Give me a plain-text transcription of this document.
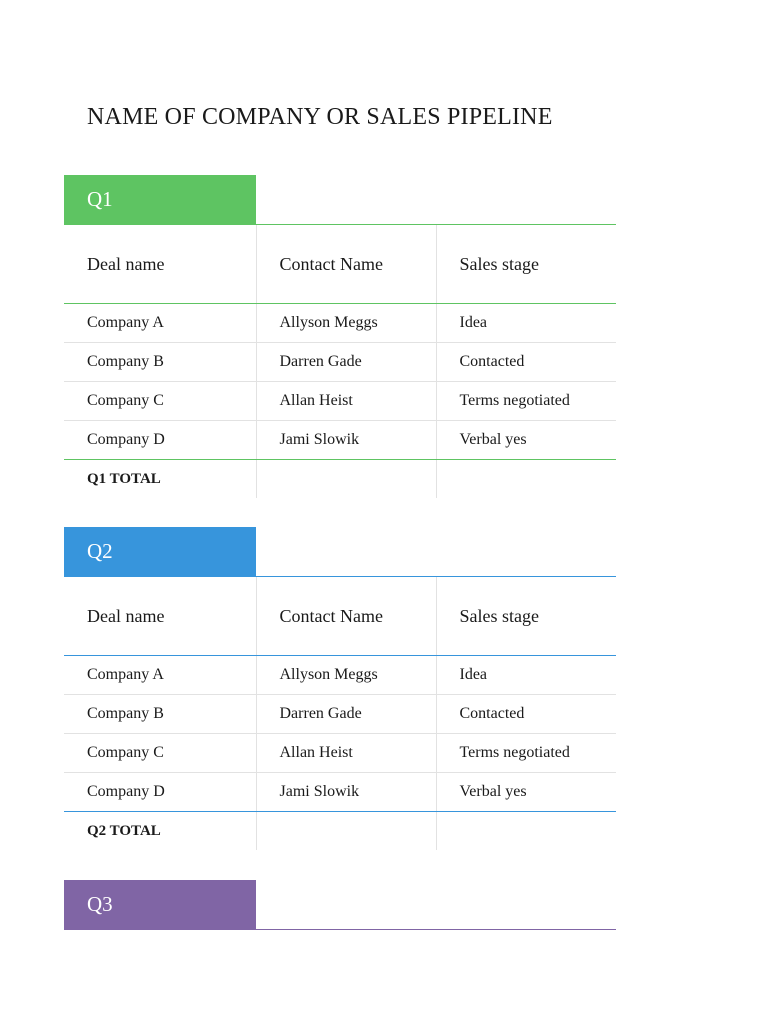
NAME OF COMPANY OR SALES PIPELINE
Q1
Deal name	Contact Name	Sales stage
Company A	Allyson Meggs	Idea
Company B	Darren Gade	Contacted
Company C	Allan Heist	Terms negotiated
Company D	Jami Slowik	Verbal yes
Q1 TOTAL		
Q2
Deal name	Contact Name	Sales stage
Company A	Allyson Meggs	Idea
Company B	Darren Gade	Contacted
Company C	Allan Heist	Terms negotiated
Company D	Jami Slowik	Verbal yes
Q2 TOTAL		
Q3
